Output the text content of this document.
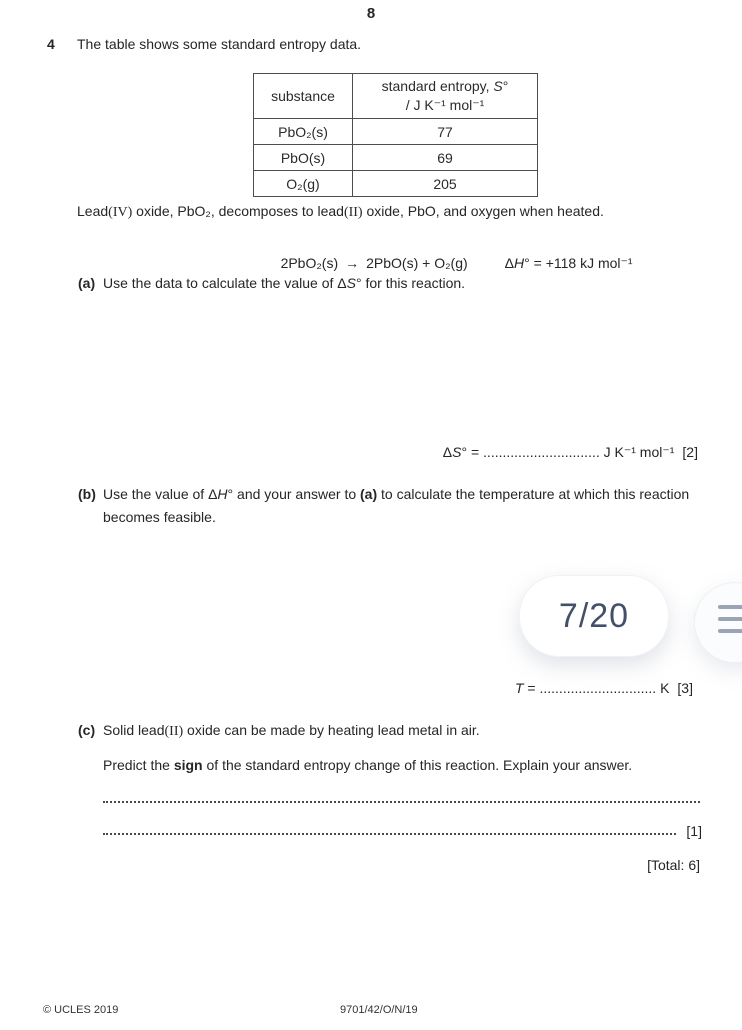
8
4	The table shows some standard entropy data.
substance	standard entropy, S°
/ J K⁻¹ mol⁻¹
PbO₂(s)	77
PbO(s)	69
O₂(g)	205
Lead(IV) oxide, PbO₂, decomposes to lead(II) oxide, PbO, and oxygen when heated.

2PbO₂(s) → 2PbO(s) + O₂(g)	ΔH° = +118 kJ mol⁻¹

(a) Use the data to calculate the value of ΔS° for this reaction.

ΔS° = .............................. J K⁻¹ mol⁻¹ [2]

(b) Use the value of ΔH° and your answer to (a) to calculate the temperature at which this reaction becomes feasible.

T = .............................. K [3]

(c) Solid lead(II) oxide can be made by heating lead metal in air.
Predict the sign of the standard entropy change of this reaction. Explain your answer.
[1]
[Total: 6]
© UCLES 2019	9701/42/O/N/19
7/20
